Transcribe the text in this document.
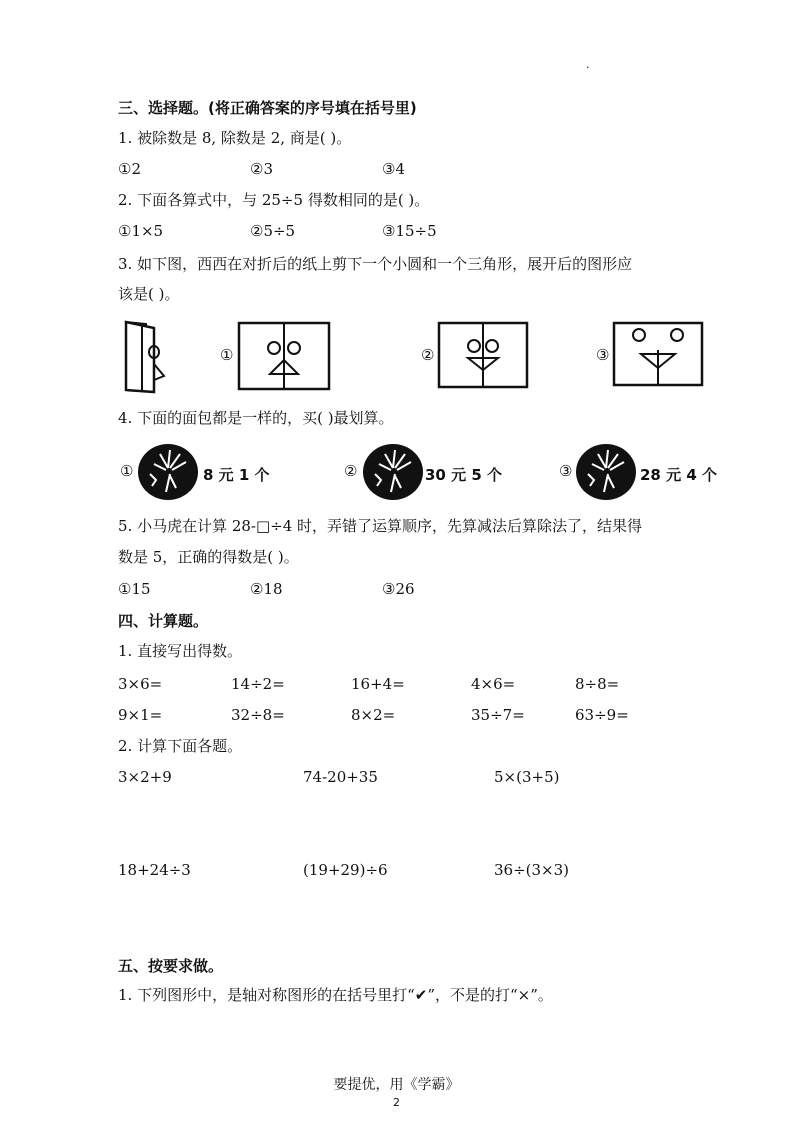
.
三、选择题。(将正确答案的序号填在括号里)
1. 被除数是 8, 除数是 2, 商是( )。
①2	②3	③4
2. 下面各算式中，与 25÷5 得数相同的是( )。
①1×5	②5÷5	③15÷5
3. 如下图，西西在对折后的纸上剪下一个小圆和一个三角形，展开后的图形应
该是( )。
①	②	③
4. 下面的面包都是一样的，买( )最划算。
①	8 元 1 个	②	30 元 5 个	③	28 元 4 个
5. 小马虎在计算 28-□÷4 时，弄错了运算顺序，先算减法后算除法了，结果得
数是 5，正确的得数是( )。
①15	②18	③26
四、计算题。
1. 直接写出得数。
3×6=	14÷2=	16+4=	4×6=	8÷8=
9×1=	32÷8=	8×2=	35÷7=	63÷9=
2. 计算下面各题。
3×2+9	74-20+35	5×(3+5)
18+24÷3	(19+29)÷6	36÷(3×3)
五、按要求做。
1. 下列图形中，是轴对称图形的在括号里打“✔”，不是的打“×”。
要提优，用《学霸》
2
